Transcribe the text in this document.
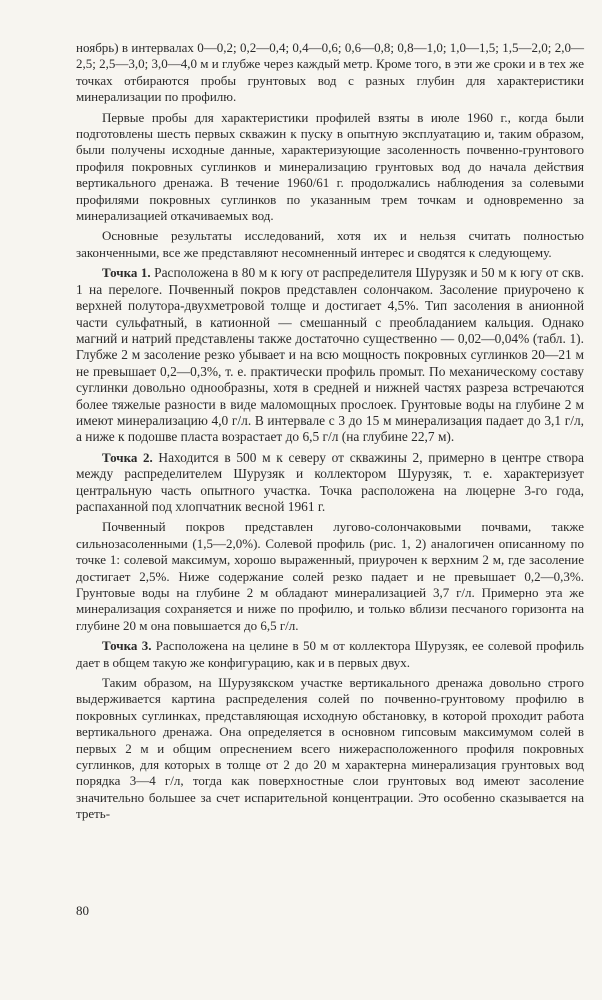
ноябрь) в интервалах 0—0,2; 0,2—0,4; 0,4—0,6; 0,6—0,8; 0,8—1,0; 1,0—1,5; 1,5—2,0; 2,0—2,5; 2,5—3,0; 3,0—4,0 м и глубже через каждый метр. Кроме того, в эти же сроки и в тех же точках отбираются пробы грунтовых вод с разных глубин для характеристики минерализации по профилю.

Первые пробы для характеристики профилей взяты в июле 1960 г., когда были подготовлены шесть первых скважин к пуску в опытную эксплуатацию и, таким образом, были получены исходные данные, характеризующие засоленность почвенно-грунтового профиля покровных суглинков и минерализацию грунтовых вод до начала действия вертикального дренажа. В течение 1960/61 г. продолжались наблюдения за солевыми профилями покровных суглинков по указанным трем точкам и одновременно за минерализацией откачиваемых вод.

Основные результаты исследований, хотя их и нельзя считать полностью законченными, все же представляют несомненный интерес и сводятся к следующему.

Точка 1. Расположена в 80 м к югу от распределителя Шурузяк и 50 м к югу от скв. 1 на перелоге. Почвенный покров представлен солончаком. Засоление приурочено к верхней полутора-двухметровой толще и достигает 4,5%. Тип засоления в анионной части сульфатный, в катионной — смешанный с преобладанием кальция. Однако магний и натрий представлены также достаточно существенно — 0,02—0,04% (табл. 1). Глубже 2 м засоление резко убывает и на всю мощность покровных суглинков 20—21 м не превышает 0,2—0,3%, т. е. практически профиль промыт. По механическому составу суглинки довольно однообразны, хотя в средней и нижней частях разреза встречаются более тяжелые разности в виде маломощных прослоек. Грунтовые воды на глубине 2 м имеют минерализацию 4,0 г/л. В интервале с 3 до 15 м минерализация падает до 3,1 г/л, а ниже к подошве пласта возрастает до 6,5 г/л (на глубине 22,7 м).

Точка 2. Находится в 500 м к северу от скважины 2, примерно в центре створа между распределителем Шурузяк и коллектором Шурузяк, т. е. характеризует центральную часть опытного участка. Точка расположена на люцерне 3-го года, распаханной под хлопчатник весной 1961 г.

Почвенный покров представлен лугово-солончаковыми почвами, также сильнозасоленными (1,5—2,0%). Солевой профиль (рис. 1, 2) аналогичен описанному по точке 1: солевой максимум, хорошо выраженный, приурочен к верхним 2 м, где засоление достигает 2,5%. Ниже содержание солей резко падает и не превышает 0,2—0,3%. Грунтовые воды на глубине 2 м обладают минерализацией 3,7 г/л. Примерно эта же минерализация сохраняется и ниже по профилю, и только вблизи песчаного горизонта на глубине 20 м она повышается до 6,5 г/л.

Точка 3. Расположена на целине в 50 м от коллектора Шурузяк, ее солевой профиль дает в общем такую же конфигурацию, как и в первых двух.

Таким образом, на Шурузякском участке вертикального дренажа довольно строго выдерживается картина распределения солей по почвенно-грунтовому профилю в покровных суглинках, представляющая исходную обстановку, в которой проходит работа вертикального дренажа. Она определяется в основном гипсовым максимумом солей в первых 2 м и общим опреснением всего нижерасположенного профиля покровных суглинков, для которых в толще от 2 до 20 м характерна минерализация грунтовых вод порядка 3—4 г/л, тогда как поверхностные слои грунтовых вод имеют засоление значительно большее за счет испарительной концентрации. Это особенно сказывается на треть-

80
